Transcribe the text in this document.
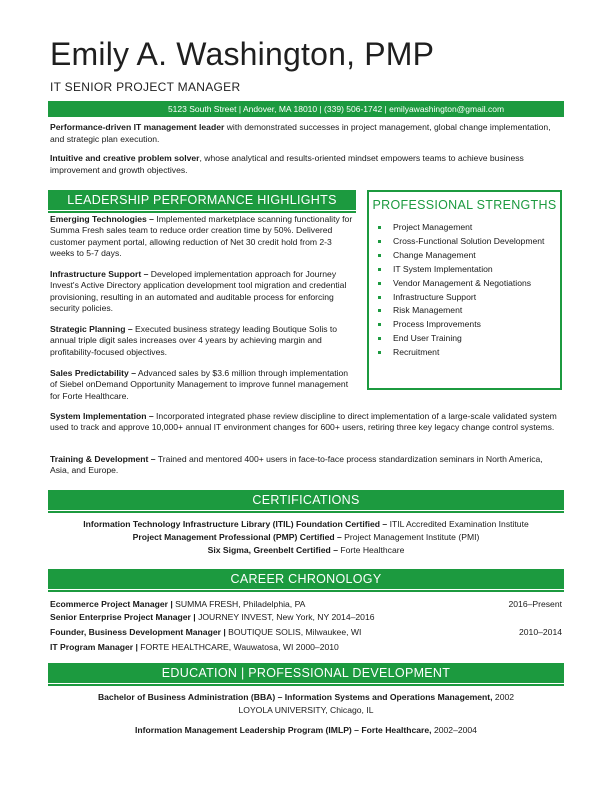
Emily A. Washington, PMP
IT SENIOR PROJECT MANAGER
5123 South Street | Andover, MA 18010 | (339) 506-1742 | emilyawashington@gmail.com
Performance-driven IT management leader with demonstrated successes in project management, global change implementation, and strategic plan execution.
Intuitive and creative problem solver, whose analytical and results-oriented mindset empowers teams to achieve business improvement and growth objectives.
LEADERSHIP PERFORMANCE HIGHLIGHTS	PROFESSIONAL STRENGTHS
Project Management
Cross-Functional Solution Development
Change Management
IT System Implementation
Vendor Management & Negotiations
Infrastructure Support
Risk Management
Process Improvements
End User Training
Recruitment
Emerging Technologies – Implemented marketplace scanning functionality for Summa Fresh sales team to reduce order creation time by 50%. Delivered customer payment portal, allowing reduction of Net 30 credit hold from 2-3 weeks to 5-7 days.
Infrastructure Support – Developed implementation approach for Journey Invest's Active Directory application development tool migration and credential provisioning, resulting in an automated and auditable process for enforcing security policies.
Strategic Planning – Executed business strategy leading Boutique Solis to annual triple digit sales increases over 4 years by achieving margin and profitability-focused objectives.
Sales Predictability – Advanced sales by $3.6 million through implementation of Siebel onDemand Opportunity Management to improve funnel management for Forte Healthcare.
System Implementation – Incorporated integrated phase review discipline to direct implementation of a large-scale validated system used to track and approve 10,000+ annual IT environment changes for 600+ users, retiring three key legacy change control systems.
Training & Development – Trained and mentored 400+ users in face-to-face process standardization seminars in North America, Asia, and Europe.
CERTIFICATIONS
Information Technology Infrastructure Library (ITIL) Foundation Certified – ITIL Accredited Examination Institute
Project Management Professional (PMP) Certified – Project Management Institute (PMI)
Six Sigma, Greenbelt Certified – Forte Healthcare
CAREER CHRONOLOGY
Ecommerce Project Manager | SUMMA FRESH, Philadelphia, PA	2016–Present
Senior Enterprise Project Manager | JOURNEY INVEST, New York, NY 2014–2016
Founder, Business Development Manager | BOUTIQUE SOLIS, Milwaukee, WI	2010–2014
IT Program Manager | FORTE HEALTHCARE, Wauwatosa, WI 2000–2010
EDUCATION | PROFESSIONAL DEVELOPMENT
Bachelor of Business Administration (BBA) – Information Systems and Operations Management, 2002
LOYOLA UNIVERSITY, Chicago, IL
Information Management Leadership Program (IMLP) – Forte Healthcare, 2002–2004
